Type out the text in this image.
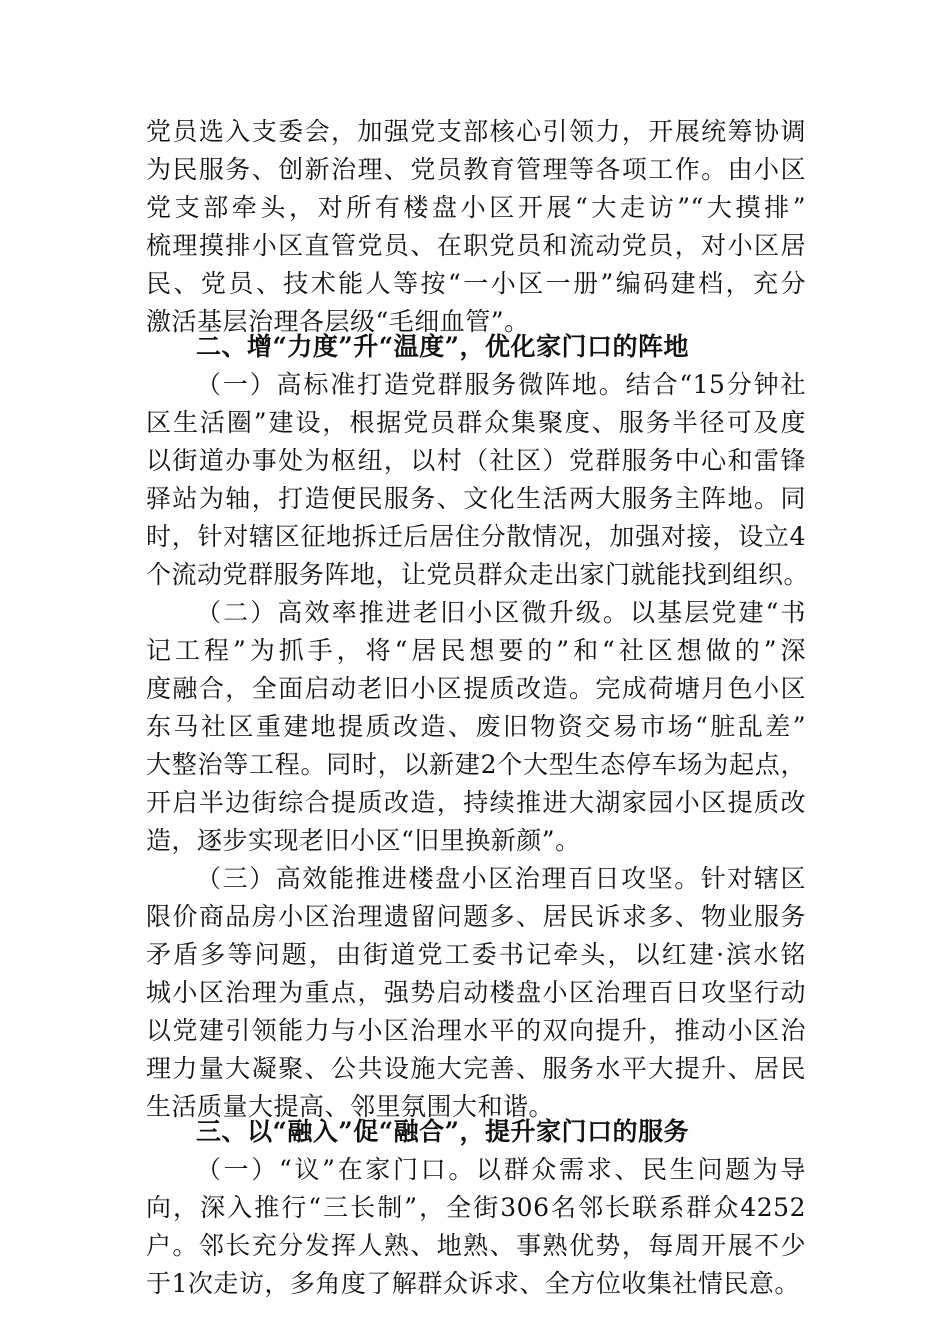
党员选入支委会，加强党支部核心引领力，开展统筹协调
为民服务、创新治理、党员教育管理等各项工作。由小区
党支部牵头，对所有楼盘小区开展“大走访”“大摸排”
梳理摸排小区直管党员、在职党员和流动党员，对小区居
民、党员、技术能人等按“一小区一册”编码建档，充分
激活基层治理各层级“毛细血管”。
二、增“力度”升“温度”，优化家门口的阵地
（一）高标准打造党群服务微阵地。结合“15分钟社
区生活圈”建设，根据党员群众集聚度、服务半径可及度
以街道办事处为枢纽，以村（社区）党群服务中心和雷锋
驿站为轴，打造便民服务、文化生活两大服务主阵地。同
时，针对辖区征地拆迁后居住分散情况，加强对接，设立4
个流动党群服务阵地，让党员群众走出家门就能找到组织。
（二）高效率推进老旧小区微升级。以基层党建“书
记工程”为抓手，将“居民想要的”和“社区想做的”深
度融合，全面启动老旧小区提质改造。完成荷塘月色小区
东马社区重建地提质改造、废旧物资交易市场“脏乱差”
大整治等工程。同时，以新建2个大型生态停车场为起点，
开启半边街综合提质改造，持续推进大湖家园小区提质改
造，逐步实现老旧小区“旧里换新颜”。
（三）高效能推进楼盘小区治理百日攻坚。针对辖区
限价商品房小区治理遗留问题多、居民诉求多、物业服务
矛盾多等问题，由街道党工委书记牵头，以红建·滨水铭
城小区治理为重点，强势启动楼盘小区治理百日攻坚行动
以党建引领能力与小区治理水平的双向提升，推动小区治
理力量大凝聚、公共设施大完善、服务水平大提升、居民
生活质量大提高、邻里氛围大和谐。
三、以“融入”促“融合”，提升家门口的服务
（一）“议”在家门口。以群众需求、民生问题为导
向，深入推行“三长制”，全街306名邻长联系群众4252
户。邻长充分发挥人熟、地熟、事熟优势，每周开展不少
于1次走访，多角度了解群众诉求、全方位收集社情民意。
